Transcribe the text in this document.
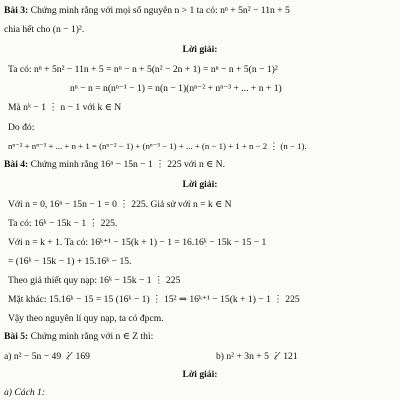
Bài 3: Chứng minh rằng với mọi số nguyên n > 1 ta có: nⁿ + 5n² − 11n + 5
chia hết cho (n − 1)².
Lời giải:
Ta có: nⁿ + 5n² − 11n + 5 = nⁿ − n + 5(n² − 2n + 1) = nⁿ − n + 5(n − 1)²
nⁿ − n = n(nⁿ⁻¹ − 1) = n(n − 1)(nⁿ⁻² + nⁿ⁻³ + ... + n + 1)
Mà nᵏ − 1 ⋮ n − 1 với k ∈ N
Do đó:
nⁿ⁻² + nⁿ⁻³ + ... + n + 1 = (nⁿ⁻² − 1) + (nⁿ⁻³ − 1) + ... + (n − 1) + 1 + n − 2 ⋮ (n − 1).
Bài 4: Chứng minh rằng 16ⁿ − 15n − 1 ⋮ 225 với n ∈ N.
Lời giải:
Với n = 0, 16ⁿ − 15n − 1 = 0 ⋮ 225. Giả sử với n = k ∈ N
Ta có: 16ᵏ − 15k − 1 ⋮ 225.
Với n = k + 1. Ta có: 16ᵏ⁺¹ − 15(k + 1) − 1 = 16.16ᵏ − 15k − 15 − 1
= (16ᵏ − 15k − 1) + 15.16ᵏ − 15.
Theo giả thiết quy nạp: 16ᵏ − 15k − 1 ⋮ 225
Mặt khác: 15.16ᵏ − 15 = 15 (16ᵏ − 1) ⋮ 15² ⇒ 16ᵏ⁺¹ − 15(k + 1) − 1 ⋮ 225
Vậy theo nguyên lí quy nạp, ta có đpcm.
Bài 5: Chứng minh rằng với n ∈ Z thì:
a) n² − 5n − 49 ⋮̸ 169	b) n² + 3n + 5 ⋮̸ 121
Lời giải:
a) Cách 1:
